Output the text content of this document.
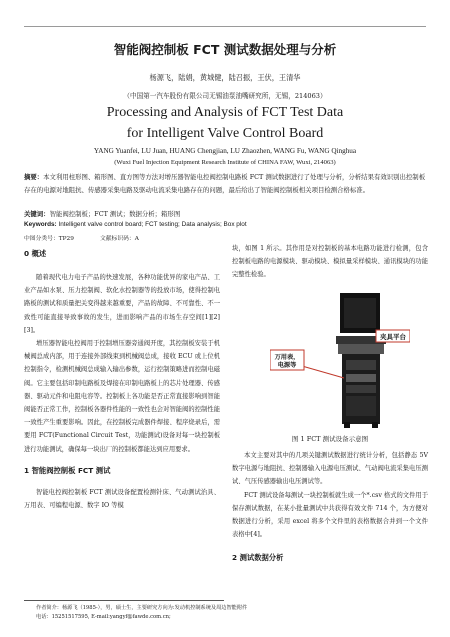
智能阀控制板 FCT 测试数据处理与分析
杨源飞，陆娟，黄城健，陆召振，王伏，王清华
（中国第一汽车股份有限公司无锡油泵油嘴研究所，无锡，214063）
Processing and Analysis of FCT Test Data
for Intelligent Valve Control Board
YANG Yuanfei, LU Juan, HUANG Chengjian, LU Zhaozhen, WANG Fu, WANG Qinghua
(Wuxi Fuel Injection Equipment Research Institute of CHINA FAW, Wuxi, 214063)
摘要：本文利用柱形图、箱形图、直方图等方法对增压器智能电控阀控制电路板 FCT 测试数据进行了处理与分析，分析结果有效识别出控制板存在的电源对地阻抗、传感器采集电路及驱动电流采集电路存在的问题，最后给出了智能阀控制板相关项目检测合格标准。
关键词：智能阀控制板；FCT 测试；数据分析；箱形图
Keywords: Intelligent valve control board; FCT testing; Data analysis; Box plot
中图分类号：TP29	文献标识码：A
0 概述

随着现代电力电子产品的快速发展，各种功能优异的家电产品、工业产品如水泵、压力控制阀、软化水控制器等的投放市场，使得控制电路板的测试和质量把关变得越来越重要，产品的故障、不可靠性、不一致性可能直接导致事故的发生，进而影响产品的市场生存空间[1][2][3]。

增压器智能电控阀用于控制增压器旁通阀开度，其控制板安装于机械阀总成内部，用于连接外部线束到机械阀总成，接收 ECU 或上位机控制指令，检测机械阀总成输入输出参数，运行控制策略进而控制电磁阀。它主要包括印制电路板及焊接在印制电路板上的芯片处理器、传感器、驱动元件和电阻电容等。控制板上各功能是否正常直接影响到智能阀能否正常工作，控制板各器件性能的一致性也会对智能阀的控制性能一致性产生重要影响。因此，在控制板完成器件焊接、程序烧录后，需要用 FCT(Functional Circuit Test，功能测试)设备对每一块控制板进行功能测试，确保每一块出厂的控制板都能达到应用要求。

1 智能阀控制板 FCT 测试

智能电控阀控制板 FCT 测试设备配置检测针床、气动测试治具、万用表、可编程电源、数字 IO 等模

块，如图 1 所示。其作用是对控制板的基本电路功能进行检测，包含控制板电路的电源模块、驱动模块、模拟量采样模块、通讯模块的功能完整性检验。

夹具平台
万用表，
电源等
图 1 FCT 测试设备示意图

本文主要对其中的几项关键测试数据进行统计分析，包括静态 5V 数字电源与地阻抗、控制器输入电源电压测试、气动阀电流采集电压测试、气压传感器输出电压测试等。

FCT 测试设备每测试一块控制板就生成一个*.csv 格式的文件用于保存测试数据，在某小批量测试中共获得有效文件 714 个，为方便对数据进行分析，采用 excel 将多个文件里的表格数据合并到一个文件表格中[4]。

2 测试数据分析
作者简介：杨源飞（1985-），男，硕士生，主要研究方向为:发动机控制系统及周边智能附件
电话：15251517595, E-mail:yangyf@fawde.com.cn;
